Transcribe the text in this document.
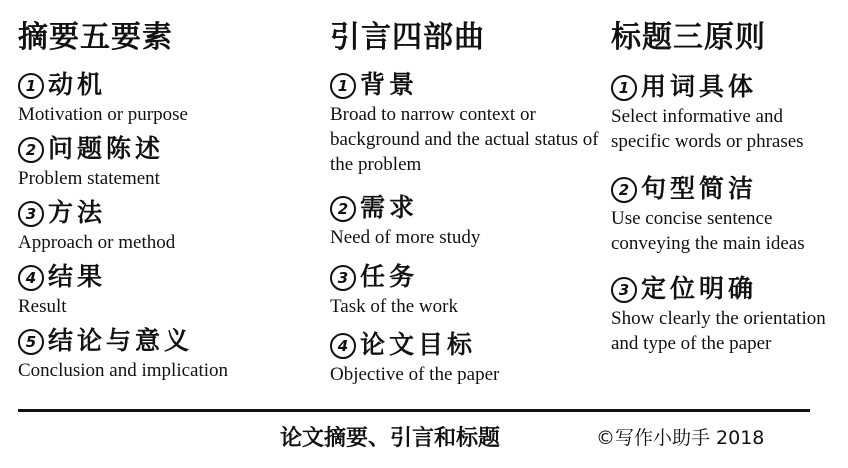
摘要五要素
1 动机
Motivation or purpose
2 问题陈述
Problem statement
3 方法
Approach or method
4 结果
Result
5 结论与意义
Conclusion and implication
引言四部曲
1 背景
Broad to narrow context or background and the actual status of the problem
2 需求
Need of more study
3 任务
Task of the work
4 论文目标
Objective of the paper
标题三原则
1 用词具体
Select informative and specific words or phrases
2 句型简洁
Use concise sentence conveying the main ideas
3 定位明确
Show clearly the orientation and type of the paper
论文摘要、引言和标题	©写作小助手 2018
